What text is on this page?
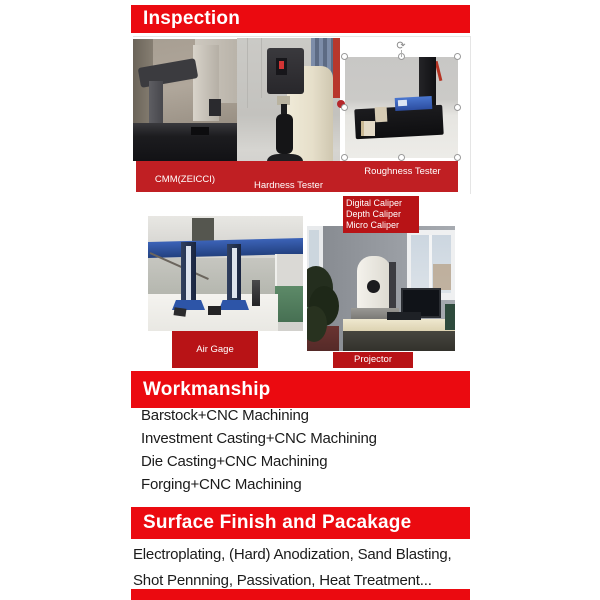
Inspection
CMM(ZEICCI)
Hardness Tester
Roughness Tester
⟳
Digital Caliper
Depth Caliper
Micro Caliper
Air Gage
Projector
Workmanship
Barstock+CNC Machining
Investment Casting+CNC Machining
Die Casting+CNC Machining
Forging+CNC Machining
Surface Finish and Pacakage
Electroplating, (Hard) Anodization, Sand Blasting,
Shot Pennning, Passivation, Heat Treatment...
